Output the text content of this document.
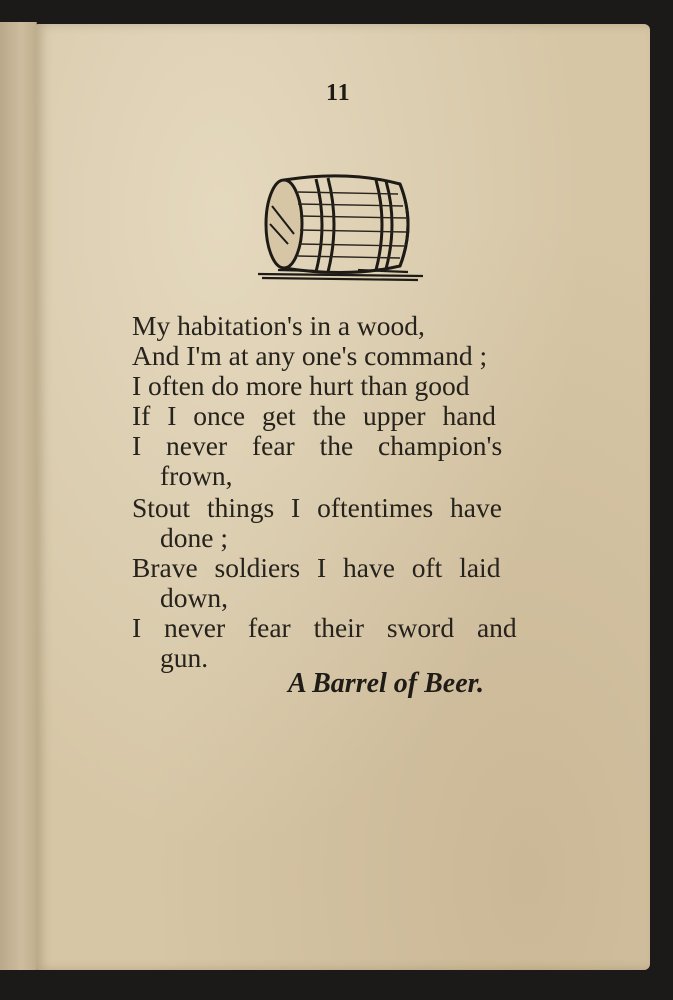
11
My habitation's in a wood,
And I'm at any one's command ;
I often do more hurt than good
If I once get the upper hand
I never fear the champion's
frown,
Stout things I oftentimes have
done ;
Brave soldiers I have oft laid
down,
I never fear their sword and
gun.
A Barrel of Beer.
